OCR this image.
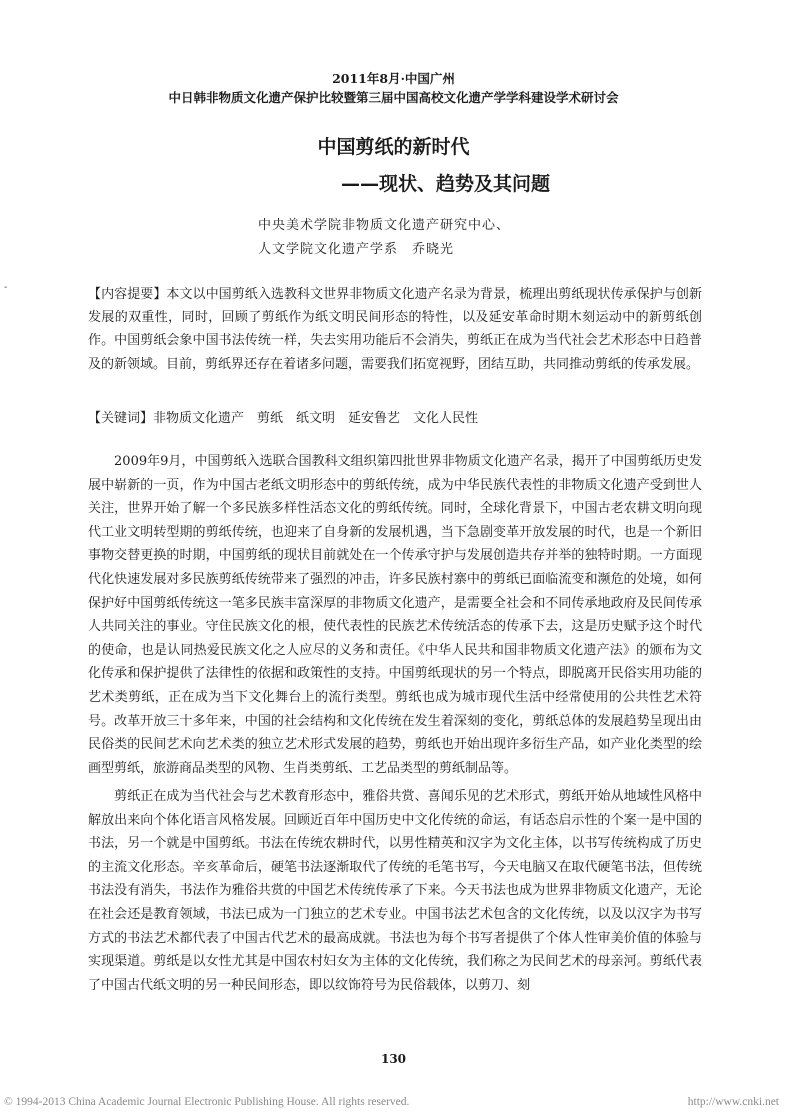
2011年8月·中国广州
中日韩非物质文化遗产保护比较暨第三届中国高校文化遗产学学科建设学术研讨会
中国剪纸的新时代
——现状、趋势及其问题
中央美术学院非物质文化遗产研究中心、
人文学院文化遗产学系　乔晓光
-	【内容提要】本文以中国剪纸入选教科文世界非物质文化遗产名录为背景，梳理出剪纸现状传承保护与创新发展的双重性，同时，回顾了剪纸作为纸文明民间形态的特性，以及延安革命时期木刻运动中的新剪纸创作。中国剪纸会象中国书法传统一样，失去实用功能后不会消失，剪纸正在成为当代社会艺术形态中日趋普及的新领域。目前，剪纸界还存在着诸多问题，需要我们拓宽视野，团结互助，共同推动剪纸的传承发展。

【关键词】非物质文化遗产　剪纸　纸文明　延安鲁艺　文化人民性

　　2009年9月，中国剪纸入选联合国教科文组织第四批世界非物质文化遗产名录，揭开了中国剪纸历史发展中崭新的一页，作为中国古老纸文明形态中的剪纸传统，成为中华民族代表性的非物质文化遗产受到世人关注，世界开始了解一个多民族多样性活态文化的剪纸传统。同时，全球化背景下，中国古老农耕文明向现代工业文明转型期的剪纸传统，也迎来了自身新的发展机遇，当下急剧变革开放发展的时代，也是一个新旧事物交替更换的时期，中国剪纸的现状目前就处在一个传承守护与发展创造共存并举的独特时期。一方面现代化快速发展对多民族剪纸传统带来了强烈的冲击，许多民族村寨中的剪纸已面临流变和濒危的处境，如何保护好中国剪纸传统这一笔多民族丰富深厚的非物质文化遗产，是需要全社会和不同传承地政府及民间传承人共同关注的事业。守住民族文化的根，使代表性的民族艺术传统活态的传承下去，这是历史赋予这个时代的使命，也是认同热爱民族文化之人应尽的义务和责任。《中华人民共和国非物质文化遗产法》的颁布为文化传承和保护提供了法律性的依据和政策性的支持。中国剪纸现状的另一个特点，即脱离开民俗实用功能的艺术类剪纸，正在成为当下文化舞台上的流行类型。剪纸也成为城市现代生活中经常使用的公共性艺术符号。改革开放三十多年来，中国的社会结构和文化传统在发生着深刻的变化，剪纸总体的发展趋势呈现出由民俗类的民间艺术向艺术类的独立艺术形式发展的趋势，剪纸也开始出现许多衍生产品，如产业化类型的绘画型剪纸，旅游商品类型的风物、生肖类剪纸、工艺品类型的剪纸制品等。

　　剪纸正在成为当代社会与艺术教育形态中，雅俗共赏、喜闻乐见的艺术形式，剪纸开始从地域性风格中解放出来向个体化语言风格发展。回顾近百年中国历史中文化传统的命运，有话态启示性的个案一是中国的书法，另一个就是中国剪纸。书法在传统农耕时代，以男性精英和汉字为文化主体，以书写传统构成了历史的主流文化形态。辛亥革命后，硬笔书法逐渐取代了传统的毛笔书写，今天电脑又在取代硬笔书法，但传统书法没有消失，书法作为雅俗共赏的中国艺术传统传承了下来。今天书法也成为世界非物质文化遗产，无论在社会还是教育领域，书法已成为一门独立的艺术专业。中国书法艺术包含的文化传统，以及以汉字为书写方式的书法艺术都代表了中国古代艺术的最高成就。书法也为每个书写者提供了个体人性审美价值的体验与实现渠道。剪纸是以女性尤其是中国农村妇女为主体的文化传统，我们称之为民间艺术的母亲河。剪纸代表了中国古代纸文明的另一种民间形态，即以纹饰符号为民俗载体，以剪刀、刻

130
© 1994-2013 China Academic Journal Electronic Publishing House. All rights reserved.	http://www.cnki.net
